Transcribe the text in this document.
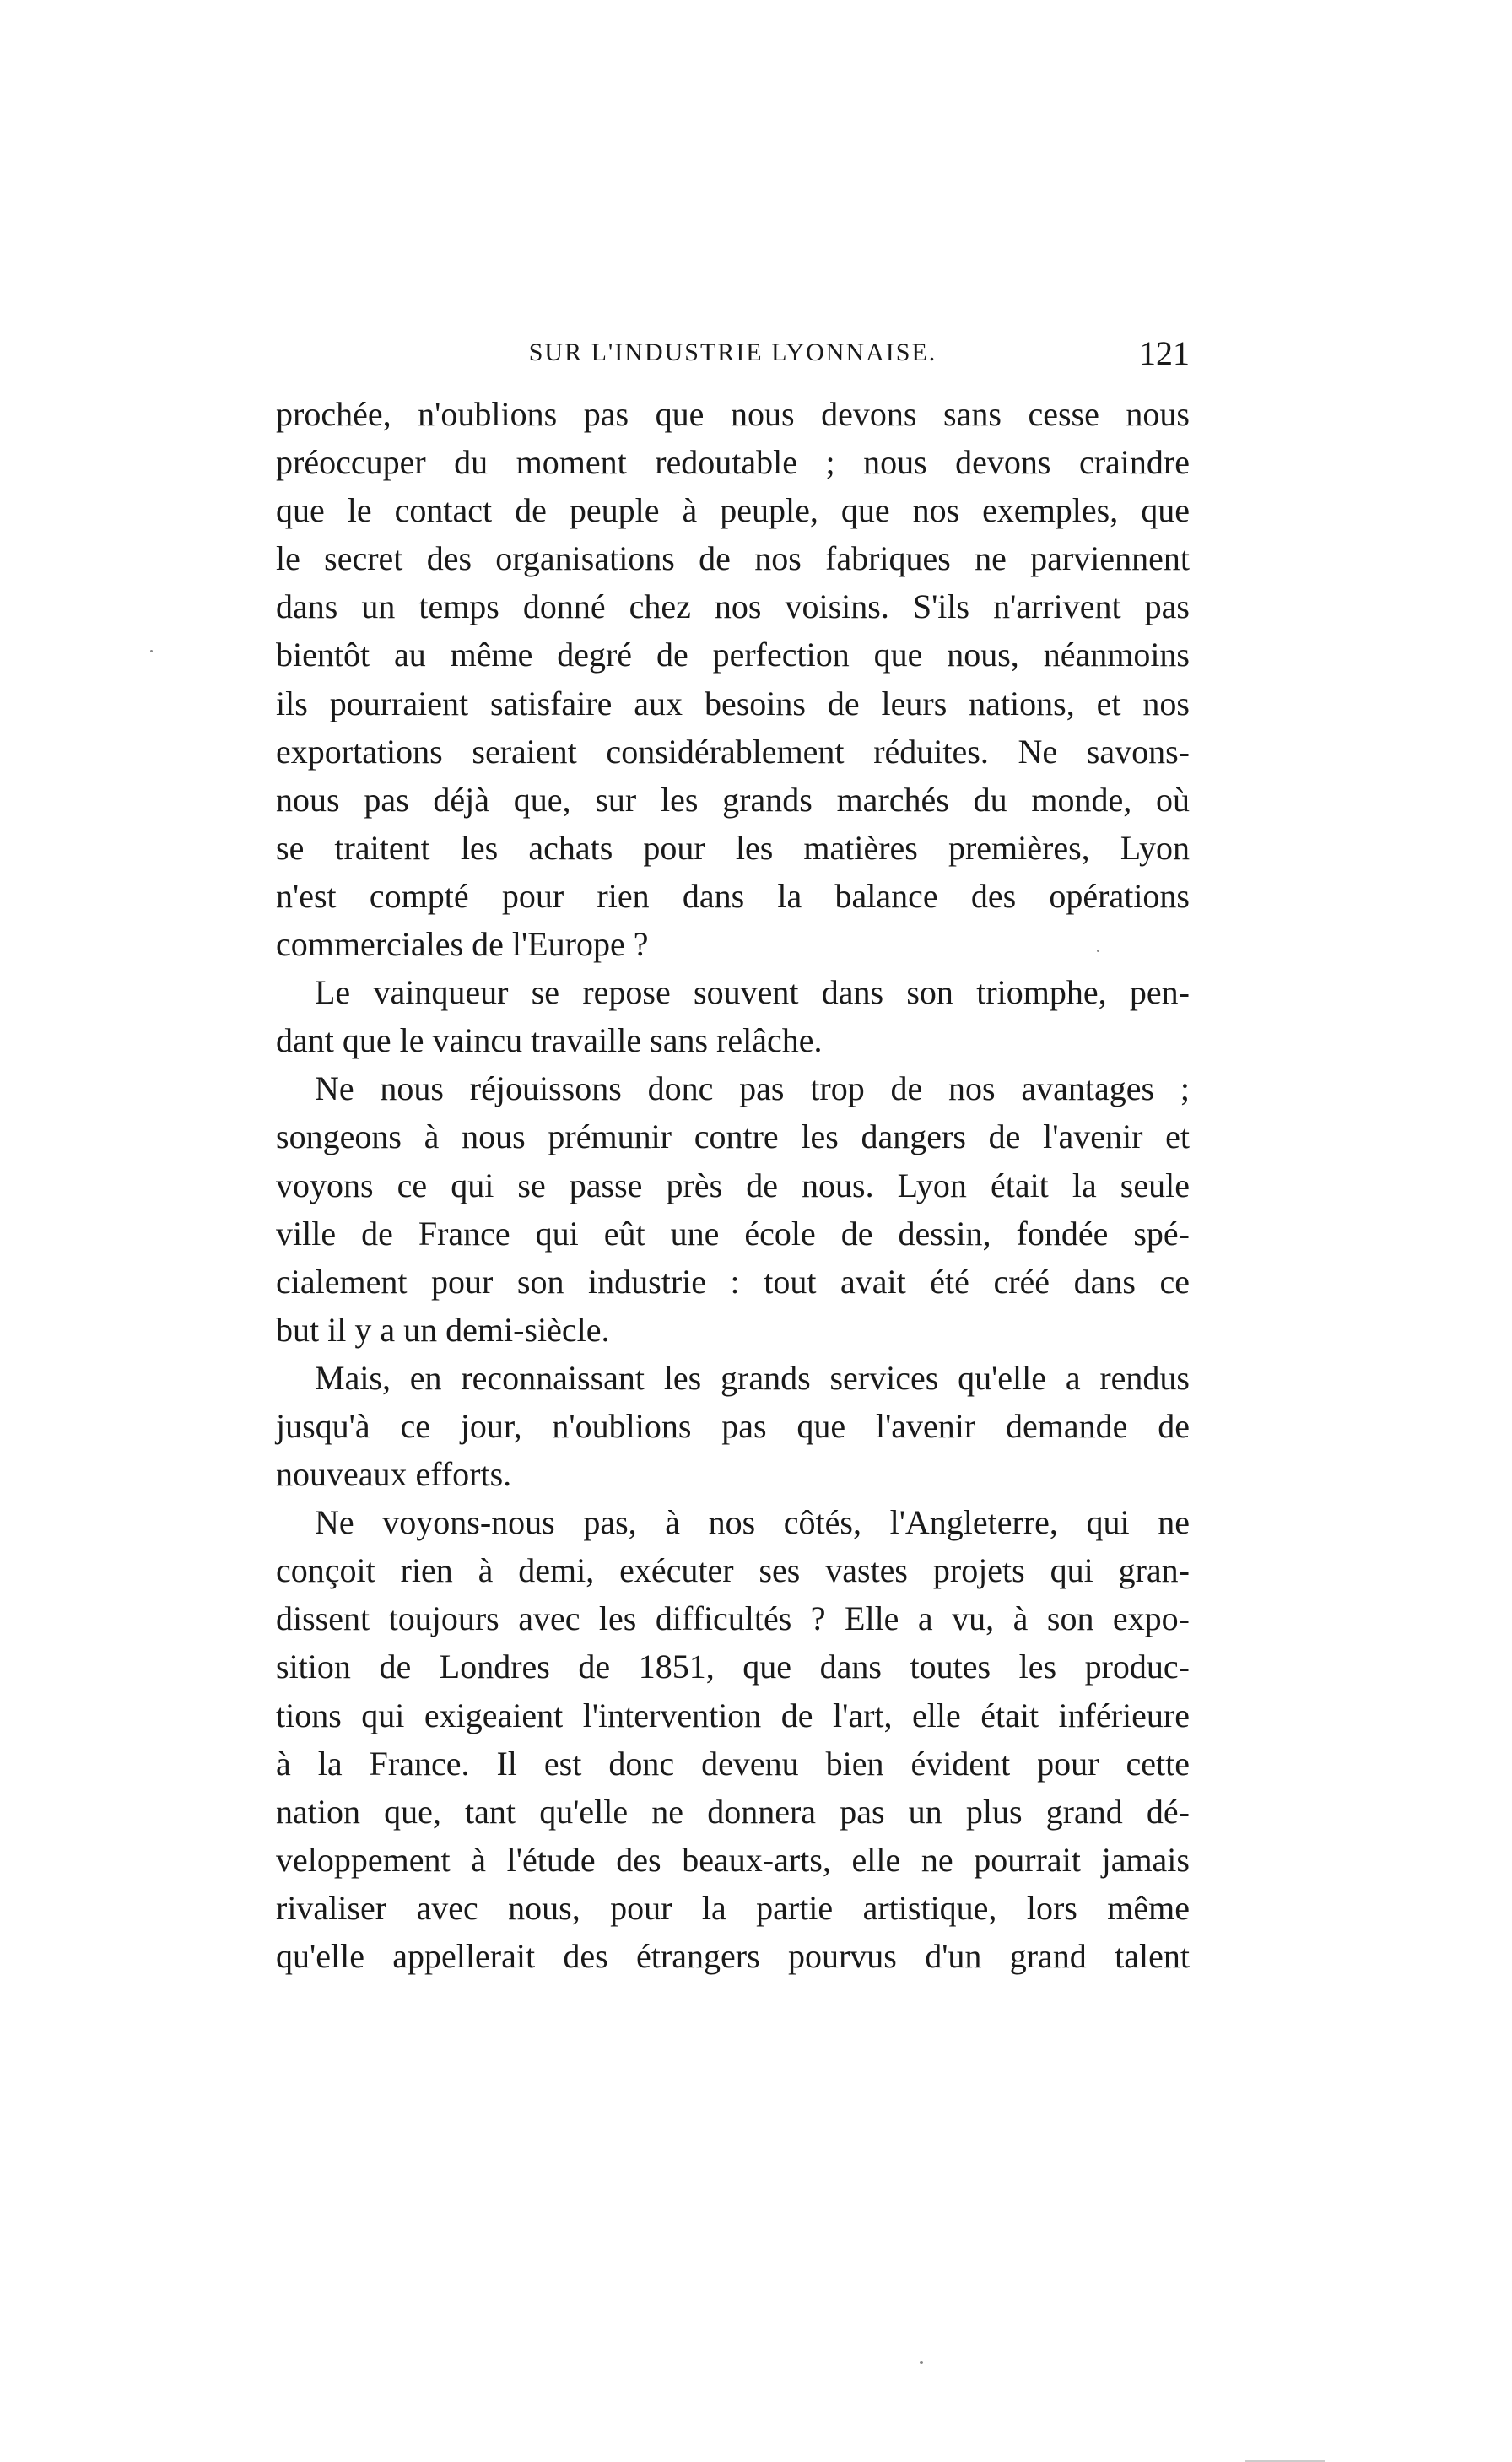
SUR L'INDUSTRIE LYONNAISE.	121
prochée, n'oublions pas que nous devons sans cesse nous
préoccuper du moment redoutable ; nous devons craindre
que le contact de peuple à peuple, que nos exemples, que
le secret des organisations de nos fabriques ne parviennent
dans un temps donné chez nos voisins. S'ils n'arrivent pas
bientôt au même degré de perfection que nous, néanmoins
ils pourraient satisfaire aux besoins de leurs nations, et nos
exportations seraient considérablement réduites. Ne savons-
nous pas déjà que, sur les grands marchés du monde, où
se traitent les achats pour les matières premières, Lyon
n'est compté pour rien dans la balance des opérations
commerciales de l'Europe ?
Le vainqueur se repose souvent dans son triomphe, pen-
dant que le vaincu travaille sans relâche.
Ne nous réjouissons donc pas trop de nos avantages ;
songeons à nous prémunir contre les dangers de l'avenir et
voyons ce qui se passe près de nous. Lyon était la seule
ville de France qui eût une école de dessin, fondée spé-
cialement pour son industrie : tout avait été créé dans ce
but il y a un demi-siècle.
Mais, en reconnaissant les grands services qu'elle a rendus
jusqu'à ce jour, n'oublions pas que l'avenir demande de
nouveaux efforts.
Ne voyons-nous pas, à nos côtés, l'Angleterre, qui ne
conçoit rien à demi, exécuter ses vastes projets qui gran-
dissent toujours avec les difficultés ? Elle a vu, à son expo-
sition de Londres de 1851, que dans toutes les produc-
tions qui exigeaient l'intervention de l'art, elle était inférieure
à la France. Il est donc devenu bien évident pour cette
nation que, tant qu'elle ne donnera pas un plus grand dé-
veloppement à l'étude des beaux-arts, elle ne pourrait jamais
rivaliser avec nous, pour la partie artistique, lors même
qu'elle appellerait des étrangers pourvus d'un grand talent
